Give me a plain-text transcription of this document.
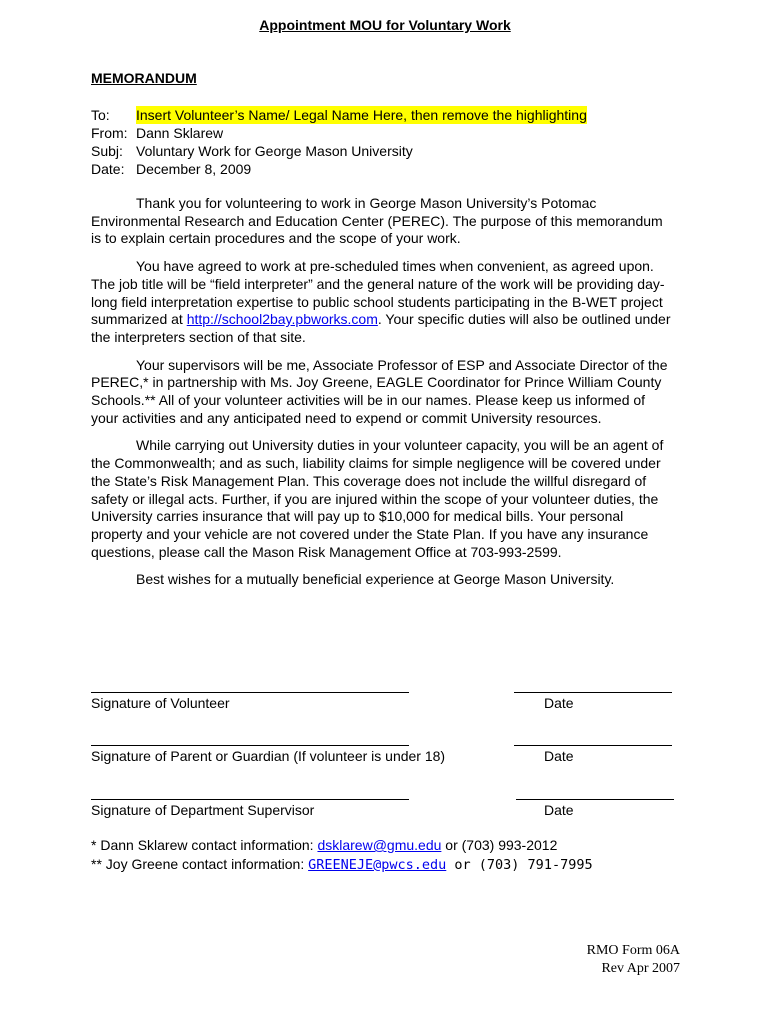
Appointment MOU for Voluntary Work
MEMORANDUM
To:	Insert Volunteer’s Name/ Legal Name Here, then remove the highlighting
From: Dann Sklarew
Subj: Voluntary Work for George Mason University
Date: December 8, 2009

Thank you for volunteering to work in George Mason University’s Potomac Environmental Research and Education Center (PEREC). The purpose of this memorandum is to explain certain procedures and the scope of your work.

You have agreed to work at pre-scheduled times when convenient, as agreed upon. The job title will be “field interpreter” and the general nature of the work will be providing day-long field interpretation expertise to public school students participating in the B-WET project summarized at http://school2bay.pbworks.com. Your specific duties will also be outlined under the interpreters section of that site.

Your supervisors will be me, Associate Professor of ESP and Associate Director of the PEREC,* in partnership with Ms. Joy Greene, EAGLE Coordinator for Prince William County Schools.** All of your volunteer activities will be in our names. Please keep us informed of your activities and any anticipated need to expend or commit University resources.

While carrying out University duties in your volunteer capacity, you will be an agent of the Commonwealth; and as such, liability claims for simple negligence will be covered under the State’s Risk Management Plan. This coverage does not include the willful disregard of safety or illegal acts. Further, if you are injured within the scope of your volunteer duties, the University carries insurance that will pay up to $10,000 for medical bills. Your personal property and your vehicle are not covered under the State Plan. If you have any insurance questions, please call the Mason Risk Management Office at 703-993-2599.

Best wishes for a mutually beneficial experience at George Mason University.

Signature of Volunteer	Date
Signature of Parent or Guardian (If volunteer is under 18)	Date
Signature of Department Supervisor	Date
* Dann Sklarew contact information: dsklarew@gmu.edu or (703) 993-2012
** Joy Greene contact information: GREENEJE@pwcs.edu or (703) 791-7995
RMO Form 06A
Rev Apr 2007
